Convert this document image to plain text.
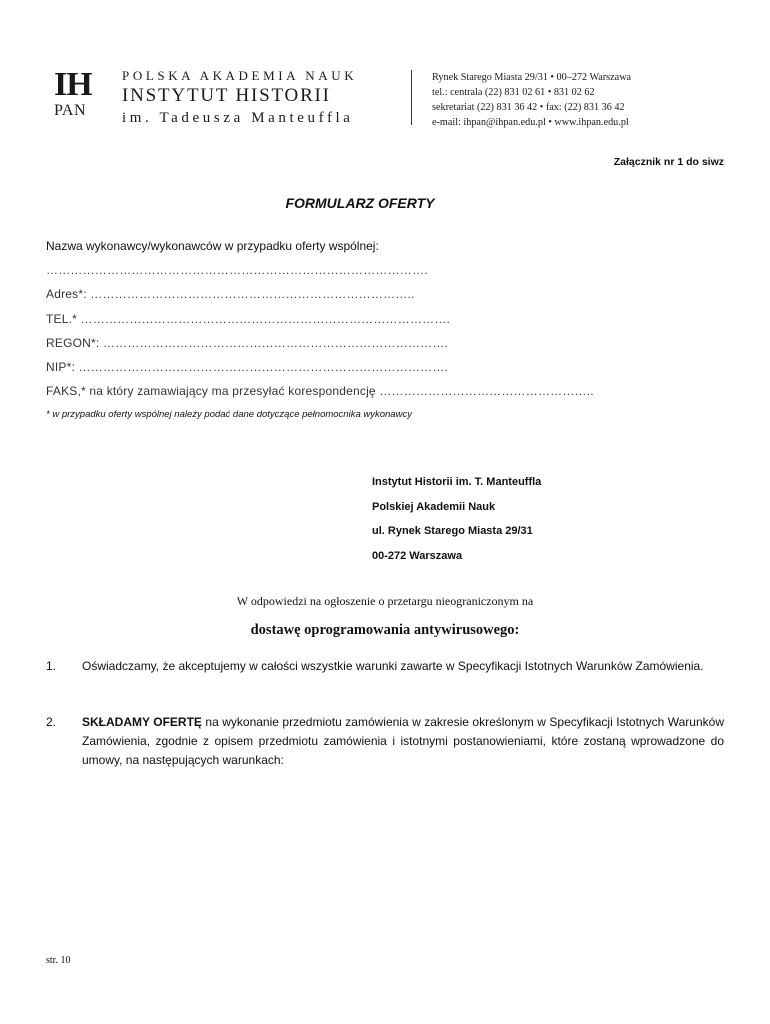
IH
PAN
POLSKA AKADEMIA NAUK
INSTYTUT HISTORII
im. Tadeusza Manteuffla
Rynek Starego Miasta 29/31 • 00–272 Warszawa
tel.: centrala (22) 831 02 61 • 831 02 62
sekretariat (22) 831 36 42 • fax: (22) 831 36 42
e-mail: ihpan@ihpan.edu.pl • www.ihpan.edu.pl
Załącznik nr 1 do siwz
FORMULARZ OFERTY
Nazwa wykonawcy/wykonawców w przypadku oferty wspólnej:
………………………………………………………………………………….
Adres*: ……………………………………………………………………..
TEL.* ……………………………………………………………………………….
REGON*: ………………………………………………………………………….
NIP*: ……………………………………………………………………………….
FAKS,* na który zamawiający ma przesyłać korespondencję ……………………………………………..
* w przypadku oferty wspólnej należy podać dane dotyczące pełnomocnika wykonawcy
Instytut Historii im. T. Manteuffla
Polskiej Akademii Nauk
ul. Rynek Starego Miasta 29/31
00-272 Warszawa
W odpowiedzi na ogłoszenie o przetargu nieograniczonym na
dostawę oprogramowania antywirusowego:
1. Oświadczamy, że akceptujemy w całości wszystkie warunki zawarte w Specyfikacji Istotnych Warunków Zamówienia.
2. SKŁADAMY OFERTĘ na wykonanie przedmiotu zamówienia w zakresie określonym w Specyfikacji Istotnych Warunków Zamówienia, zgodnie z opisem przedmiotu zamówienia i istotnymi postanowieniami, które zostaną wprowadzone do umowy, na następujących warunkach:
str. 10
